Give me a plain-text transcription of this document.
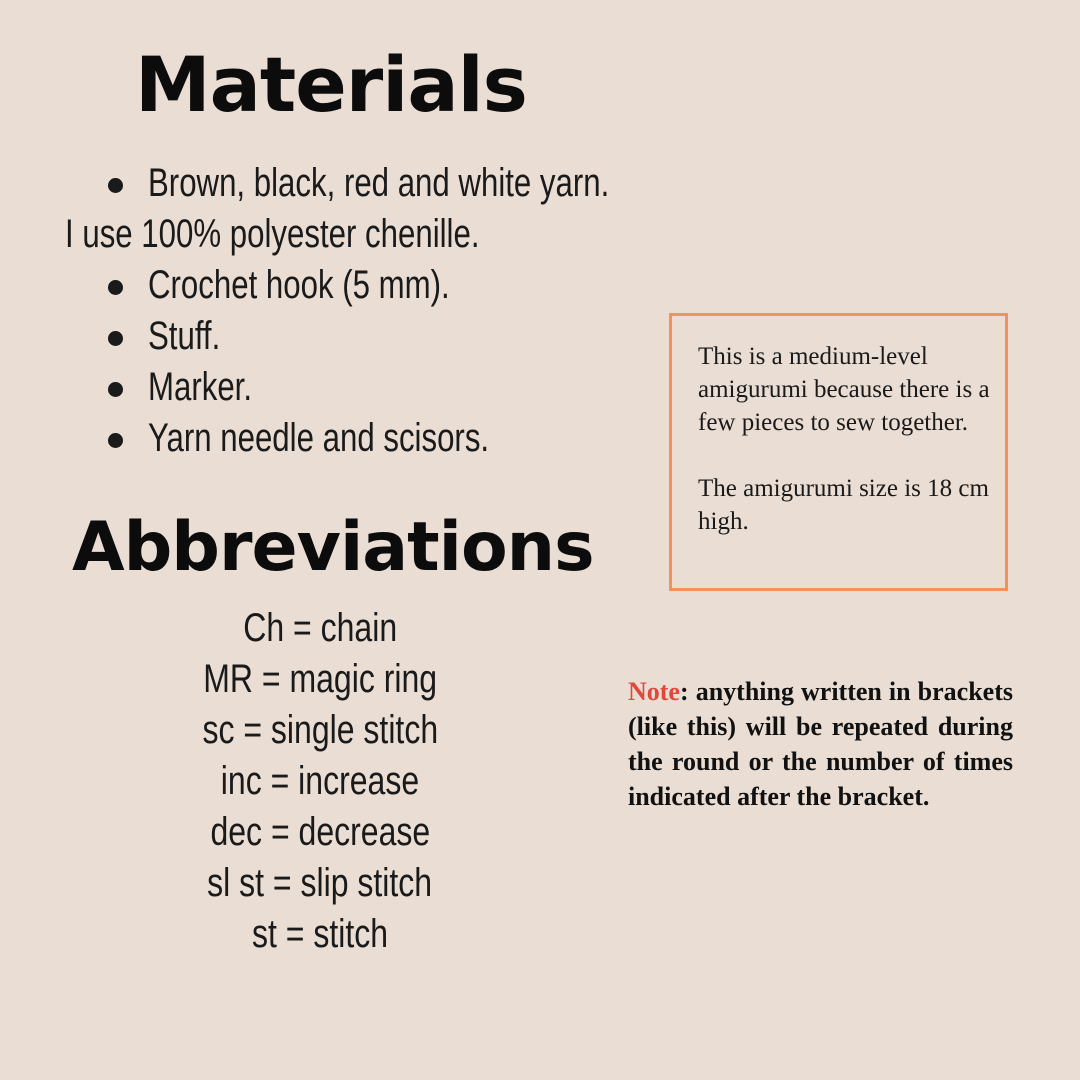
Materials
Brown, black, red and white yarn.
I use 100% polyester chenille.
Crochet hook (5 mm).
Stuff.
Marker.
Yarn needle and scisors.
Abbreviations
Ch = chain
MR = magic ring
sc = single stitch
inc = increase
dec = decrease
sl st = slip stitch
st = stitch

This is a medium-level amigurumi because there is a few pieces to sew together.

The amigurumi size is 18 cm high.

Note: anything written in brackets (like this) will be repeated during the round or the number of times indicated after the bracket.
